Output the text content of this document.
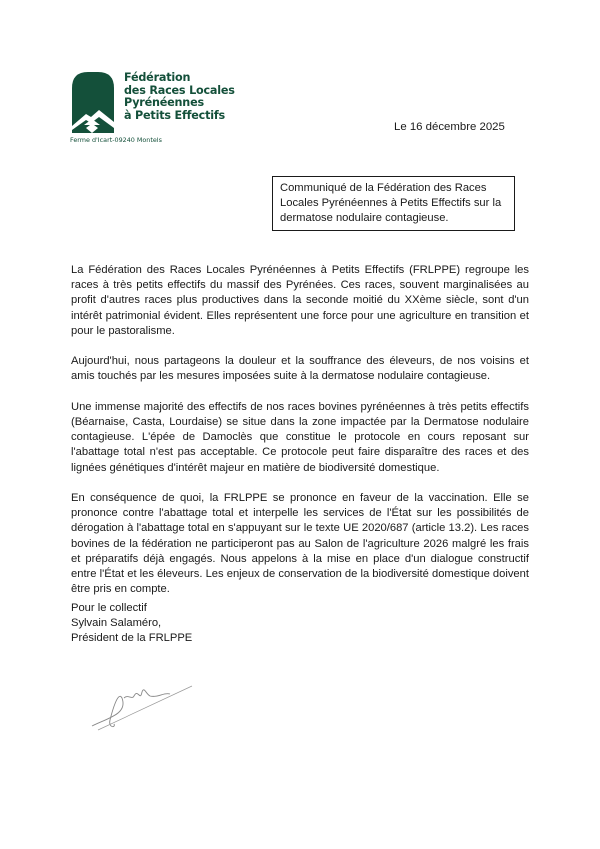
Fédération
des Races Locales
Pyrénéennes
à Petits Effectifs
Ferme d'Icart-09240 Montels
Le 16 décembre 2025
Communiqué de la Fédération des Races Locales Pyrénéennes à Petits Effectifs sur la dermatose nodulaire contagieuse.

La Fédération des Races Locales Pyrénéennes à Petits Effectifs (FRLPPE) regroupe les races à très petits effectifs du massif des Pyrénées. Ces races, souvent marginalisées au profit d'autres races plus productives dans la seconde moitié du XXème siècle, sont d'un intérêt patrimonial évident. Elles représentent une force pour une agriculture en transition et pour le pastoralisme.

Aujourd'hui, nous partageons la douleur et la souffrance des éleveurs, de nos voisins et amis touchés par les mesures imposées suite à la dermatose nodulaire contagieuse.

Une immense majorité des effectifs de nos races bovines pyrénéennes à très petits effectifs (Béarnaise, Casta, Lourdaise) se situe dans la zone impactée par la Dermatose nodulaire contagieuse. L'épée de Damoclès que constitue le protocole en cours reposant sur l'abattage total n'est pas acceptable. Ce protocole peut faire disparaître des races et des lignées génétiques d'intérêt majeur en matière de biodiversité domestique.

En conséquence de quoi, la FRLPPE se prononce en faveur de la vaccination. Elle se prononce contre l'abattage total et interpelle les services de l'État sur les possibilités de dérogation à l'abattage total en s'appuyant sur le texte UE 2020/687 (article 13.2). Les races bovines de la fédération ne participeront pas au Salon de l'agriculture 2026 malgré les frais et préparatifs déjà engagés. Nous appelons à la mise en place d'un dialogue constructif entre l'État et les éleveurs. Les enjeux de conservation de la biodiversité domestique doivent être pris en compte.

Pour le collectif
Sylvain Salaméro,
Président de la FRLPPE
